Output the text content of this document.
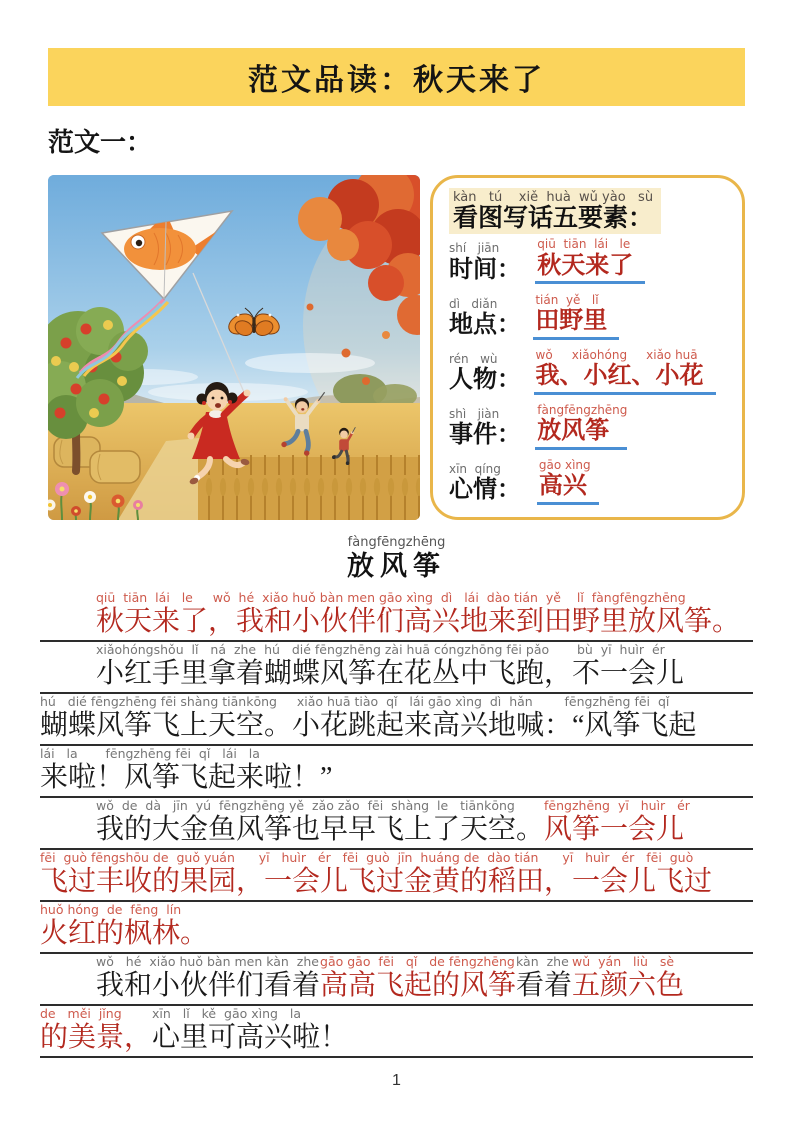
范文品读：秋天来了
范文一：
kàn   tú    xiě  huà  wǔ yào   sù
看图写话五要素：
shí   jiān
时间：
qiū  tiān  lái   le
秋天来了
dì   diǎn
地点：
tián  yě   lǐ
田野里
rén   wù
人物：
wǒ     xiǎohóng     xiǎo huā
我、小红、小花
shì   jiàn
事件：
fàngfēngzhēng
放风筝
xīn  qíng
心情：
gāo xìng
高兴
fàngfēngzhēng
放风筝
qiū  tiān  lái   le     wǒ  hé  xiǎo huǒ bàn men gāo xìng  dì   lái  dào tián  yě    lǐ  fàngfēngzhēng
秋天来了，我和小伙伴们高兴地来到田野里放风筝。
xiǎohóngshǒu  lǐ   ná  zhe  hú   dié fēngzhēng zài huā cóngzhōng fēi pǎo       bù  yī  huìr  ér
小红手里拿着蝴蝶风筝在花丛中飞跑，不一会儿
hú   dié fēngzhēng fēi shàng tiānkōng     xiǎo huā tiào  qǐ   lái gāo xìng  dì  hǎn        fēngzhēng fēi  qǐ
蝴蝶风筝飞上天空。小花跳起来高兴地喊：“风筝飞起
lái   la       fēngzhēng fēi  qǐ   lái   la
来啦！风筝飞起来啦！”
wǒ  de  dà   jīn  yú  fēngzhēng yě  zǎo zǎo  fēi  shàng  le   tiānkōng
我的大金鱼风筝也早早飞上了天空。
fēngzhēng  yī   huìr   ér
风筝一会儿
fēi  guò fēngshōu de  guǒ yuán      yī   huìr   ér   fēi  guò  jīn  huáng de  dào tián      yī   huìr   ér   fēi  guò
飞过丰收的果园，一会儿飞过金黄的稻田，一会儿飞过
huǒ hóng  de  fēng  lín
火红的枫林。
wǒ   hé  xiǎo huǒ bàn men kàn  zhe
我和小伙伴们看着
gāo gāo  fēi   qǐ   de fēngzhēng
高高飞起的风筝
kàn  zhe
看着
wǔ  yán   liù   sè
五颜六色
de   měi  jǐng
的美景，
xīn   lǐ   kě  gāo xìng   la
心里可高兴啦！
1
